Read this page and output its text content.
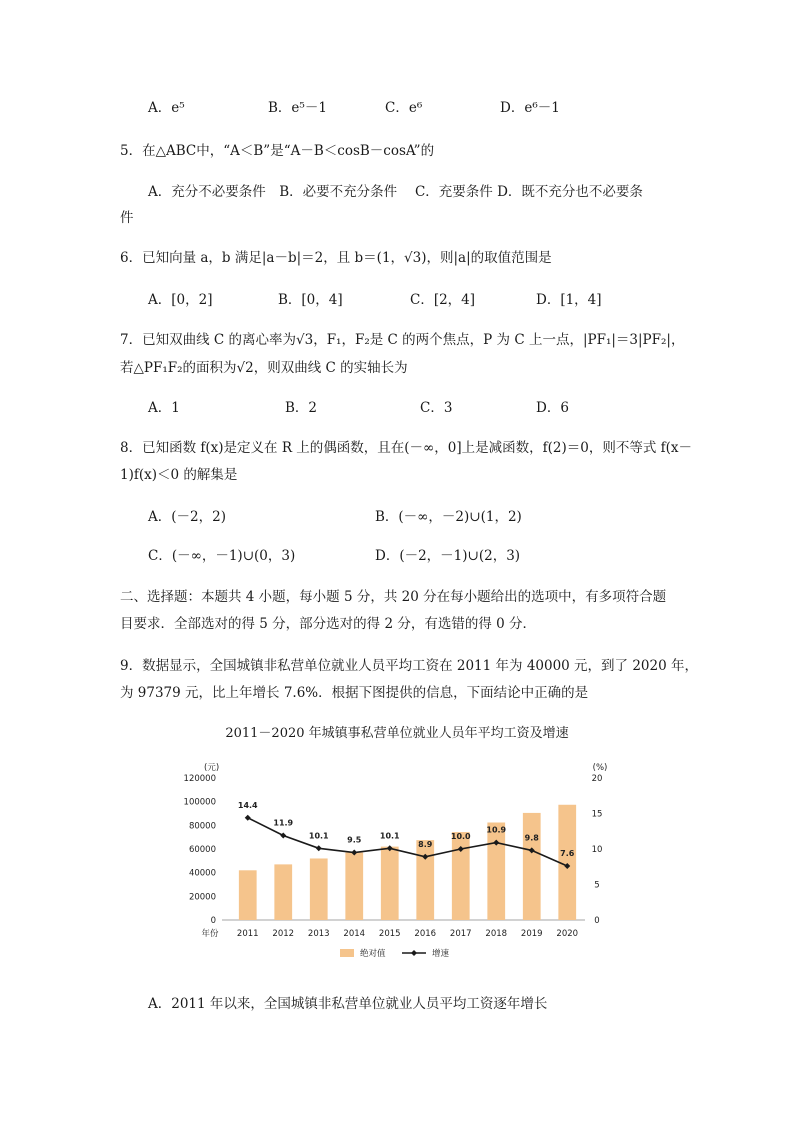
A．e⁵	B．e⁵－1	C．e⁶	D．e⁶－1
5．在△ABC中，“A＜B”是“A－B＜cosB－cosA”的
A．充分不必要条件　B．必要不充分条件　 C．充要条件 D．既不充分也不必要条
件
6．已知向量 a，b 满足|a－b|＝2，且 b＝(1，√3)，则|a|的取值范围是
A．[0，2]	B．[0，4]	C．[2，4]	D．[1，4]
7．已知双曲线 C 的离心率为√3，F₁，F₂是 C 的两个焦点，P 为 C 上一点，|PF₁|＝3|PF₂|，
若△PF₁F₂的面积为√2，则双曲线 C 的实轴长为
A．1	B．2	C．3	D．6
8．已知函数 f(x)是定义在 R 上的偶函数，且在(－∞，0]上是减函数，f(2)＝0，则不等式 f(x－
1)f(x)＜0 的解集是
A．(－2，2)	B．(－∞，－2)∪(1，2)
C．(－∞，－1)∪(0，3)	D．(－2，－1)∪(2，3)
二、选择题：本题共 4 小题，每小题 5 分，共 20 分在每小题给出的选项中，有多项符合题
目要求．全部选对的得 5 分，部分选对的得 2 分，有选错的得 0 分．
9．数据显示，全国城镇非私营单位就业人员平均工资在 2011 年为 40000 元，到了 2020 年，
为 97379 元，比上年增长 7.6%．根据下图提供的信息，下面结论中正确的是
2011－2020 年城镇事私营单位就业人员年平均工资及增速
(元)	(%)
0
20000
40000
60000
80000
100000
120000
0
5
10
15
20
14.4
11.9
10.1 9.5 10.1
8.9
10.0
10.9
9.8
7.6
年份 2011 2012 2013 2014 2015 2016 2017 2018 2019 2020
绝对值	增速
A．2011 年以来，全国城镇非私营单位就业人员平均工资逐年增长
